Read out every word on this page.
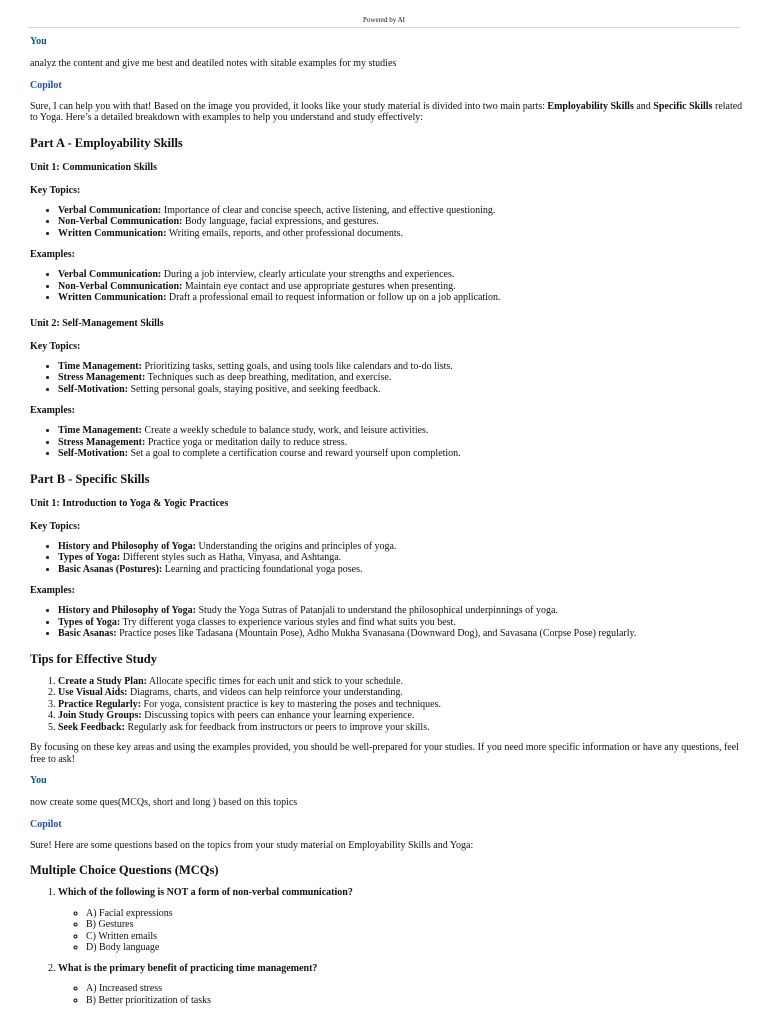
Powered by AI
You

analyz the content and give me best and deatiled notes with sitable examples for my studies

Copilot

Sure, I can help you with that! Based on the image you provided, it looks like your study material is divided into two main parts: Employability Skills and Specific Skills related to Yoga. Here’s a detailed breakdown with examples to help you understand and study effectively:

Part A - Employability Skills
Unit 1: Communication Skills
Key Topics:
• Verbal Communication: Importance of clear and concise speech, active listening, and effective questioning.
• Non-Verbal Communication: Body language, facial expressions, and gestures.
• Written Communication: Writing emails, reports, and other professional documents.
Examples:
• Verbal Communication: During a job interview, clearly articulate your strengths and experiences.
• Non-Verbal Communication: Maintain eye contact and use appropriate gestures when presenting.
• Written Communication: Draft a professional email to request information or follow up on a job application.
Unit 2: Self-Management Skills
Key Topics:
• Time Management: Prioritizing tasks, setting goals, and using tools like calendars and to-do lists.
• Stress Management: Techniques such as deep breathing, meditation, and exercise.
• Self-Motivation: Setting personal goals, staying positive, and seeking feedback.
Examples:
• Time Management: Create a weekly schedule to balance study, work, and leisure activities.
• Stress Management: Practice yoga or meditation daily to reduce stress.
• Self-Motivation: Set a goal to complete a certification course and reward yourself upon completion.
Part B - Specific Skills
Unit 1: Introduction to Yoga & Yogic Practices
Key Topics:
• History and Philosophy of Yoga: Understanding the origins and principles of yoga.
• Types of Yoga: Different styles such as Hatha, Vinyasa, and Ashtanga.
• Basic Asanas (Postures): Learning and practicing foundational yoga poses.
Examples:
• History and Philosophy of Yoga: Study the Yoga Sutras of Patanjali to understand the philosophical underpinnings of yoga.
• Types of Yoga: Try different yoga classes to experience various styles and find what suits you best.
• Basic Asanas: Practice poses like Tadasana (Mountain Pose), Adho Mukha Svanasana (Downward Dog), and Savasana (Corpse Pose) regularly.
Tips for Effective Study
1. Create a Study Plan: Allocate specific times for each unit and stick to your schedule.
2. Use Visual Aids: Diagrams, charts, and videos can help reinforce your understanding.
3. Practice Regularly: For yoga, consistent practice is key to mastering the poses and techniques.
4. Join Study Groups: Discussing topics with peers can enhance your learning experience.
5. Seek Feedback: Regularly ask for feedback from instructors or peers to improve your skills.

By focusing on these key areas and using the examples provided, you should be well-prepared for your studies. If you need more specific information or have any questions, feel free to ask!

You

now create some ques(MCQs, short and long ) based on this topics

Copilot

Sure! Here are some questions based on the topics from your study material on Employability Skills and Yoga:

Multiple Choice Questions (MCQs)
1. Which of the following is NOT a form of non-verbal communication?
◦ A) Facial expressions
◦ B) Gestures
◦ C) Written emails
◦ D) Body language
2. What is the primary benefit of practicing time management?
◦ A) Increased stress
◦ B) Better prioritization of tasks
